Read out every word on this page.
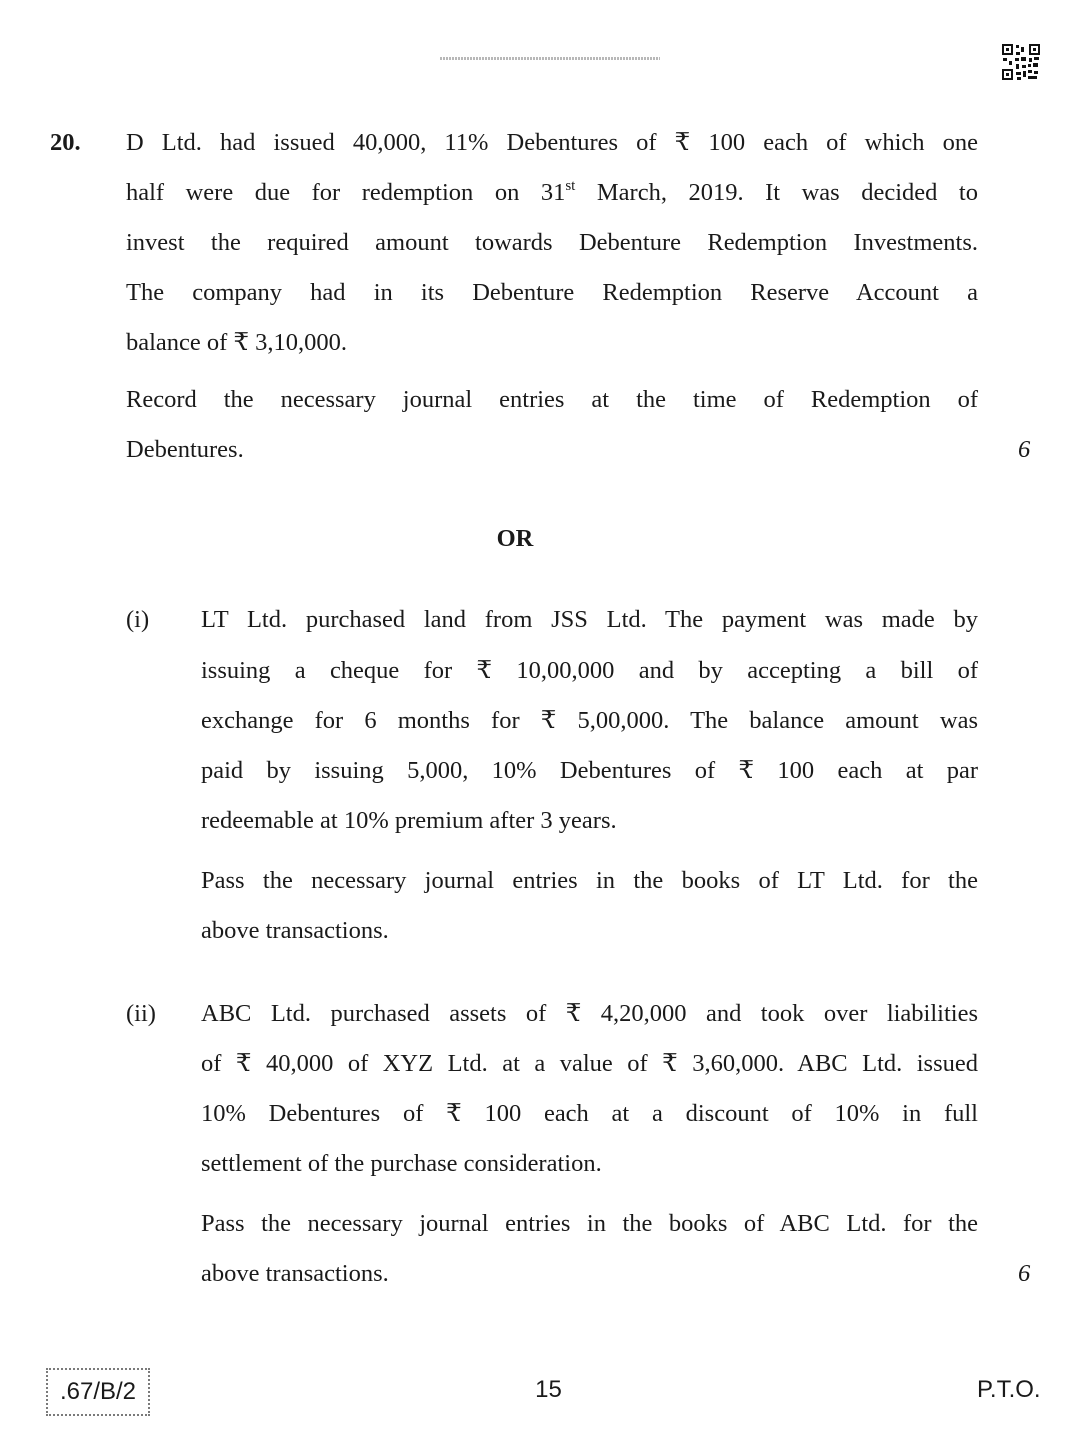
20. D Ltd. had issued 40,000, 11% Debentures of ₹ 100 each of which one

half were due for redemption on 31st March, 2019. It was decided to

invest the required amount towards Debenture Redemption Investments.

The company had in its Debenture Redemption Reserve Account a

balance of ₹ 3,10,000.

Record the necessary journal entries at the time of Redemption of

Debentures.	6
OR
(i) LT Ltd. purchased land from JSS Ltd. The payment was made by

issuing a cheque for ₹ 10,00,000 and by accepting a bill of

exchange for 6 months for ₹ 5,00,000. The balance amount was

paid by issuing 5,000, 10% Debentures of ₹ 100 each at par

redeemable at 10% premium after 3 years.

Pass the necessary journal entries in the books of LT Ltd. for the

above transactions.

(ii) ABC Ltd. purchased assets of ₹ 4,20,000 and took over liabilities

of ₹ 40,000 of XYZ Ltd. at a value of ₹ 3,60,000. ABC Ltd. issued

10% Debentures of ₹ 100 each at a discount of 10% in full

settlement of the purchase consideration.

Pass the necessary journal entries in the books of ABC Ltd. for the

above transactions.	6
.67/B/2	15	P.T.O.
